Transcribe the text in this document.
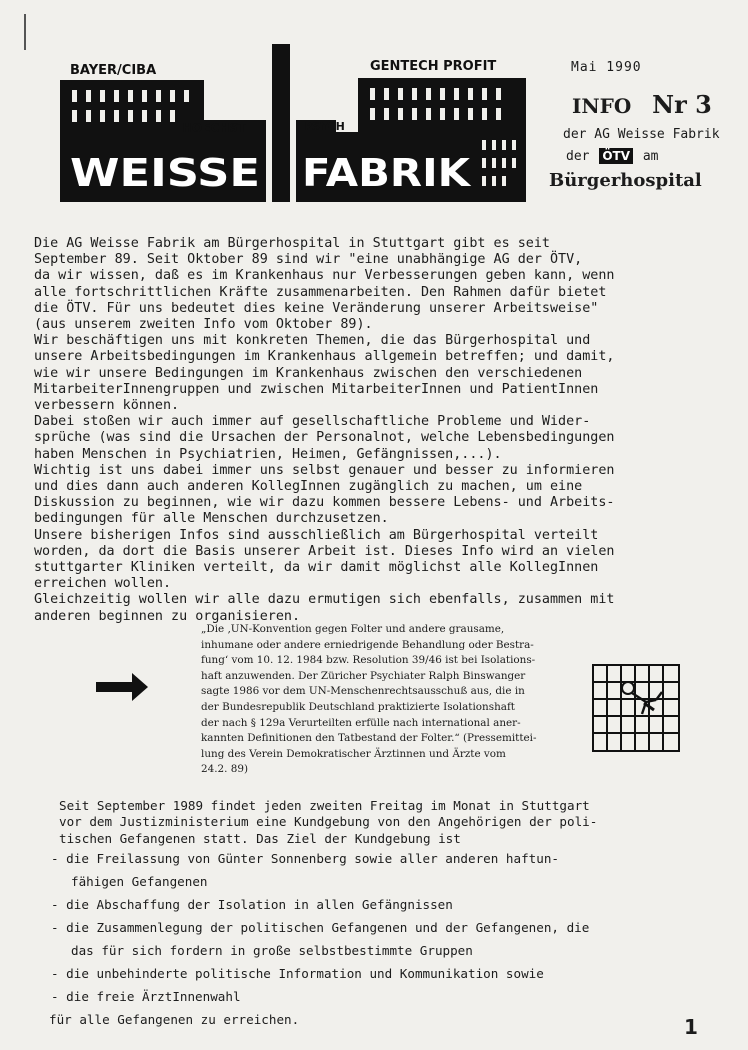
BAYER/CIBA
HOECHST	PSYCH
GENTECH PROFIT
WEISSE FABRIK
Mai 1990
INFO Nr 3
der AG Weisse Fabrik
der ÖTV am
Bürgerhospital
Die AG Weisse Fabrik am Bürgerhospital in Stuttgart gibt es seit
September 89. Seit Oktober 89 sind wir "eine unabhängige AG der ÖTV,
da wir wissen, daß es im Krankenhaus nur Verbesserungen geben kann, wenn
alle fortschrittlichen Kräfte zusammenarbeiten. Den Rahmen dafür bietet
die ÖTV. Für uns bedeutet dies keine Veränderung unserer Arbeitsweise"
(aus unserem zweiten Info vom Oktober 89).
Wir beschäftigen uns mit konkreten Themen, die das Bürgerhospital und
unsere Arbeitsbedingungen im Krankenhaus allgemein betreffen; und damit,
wie wir unsere Bedingungen im Krankenhaus zwischen den verschiedenen
MitarbeiterInnengruppen und zwischen MitarbeiterInnen und PatientInnen
verbessern können.
Dabei stoßen wir auch immer auf gesellschaftliche Probleme und Wider-
sprüche (was sind die Ursachen der Personalnot, welche Lebensbedingungen
haben Menschen in Psychiatrien, Heimen, Gefängnissen,...).
Wichtig ist uns dabei immer uns selbst genauer und besser zu informieren
und dies dann auch anderen KollegInnen zugänglich zu machen, um eine
Diskussion zu beginnen, wie wir dazu kommen bessere Lebens- und Arbeits-
bedingungen für alle Menschen durchzusetzen.
Unsere bisherigen Infos sind ausschließlich am Bürgerhospital verteilt
worden, da dort die Basis unserer Arbeit ist. Dieses Info wird an vielen
stuttgarter Kliniken verteilt, da wir damit möglichst alle KollegInnen
erreichen wollen.
Gleichzeitig wollen wir alle dazu ermutigen sich ebenfalls, zusammen mit
anderen beginnen zu organisieren.
„Die ‚UN-Konvention gegen Folter und andere grausame,
inhumane oder andere erniedrigende Behandlung oder Bestra-
fung‘ vom 10. 12. 1984 bzw. Resolution 39/46 ist bei Isolations-
haft anzuwenden. Der Züricher Psychiater Ralph Binswanger
sagte 1986 vor dem UN-Menschenrechtsausschuß aus, die in
der Bundesrepublik Deutschland praktizierte Isolationshaft
der nach § 129a Verurteilten erfülle nach international aner-
kannten Definitionen den Tatbestand der Folter.“ (Pressemittei-
lung des Verein Demokratischer Ärztinnen und Ärzte vom
24.2. 89)
Seit September 1989 findet jeden zweiten Freitag im Monat in Stuttgart
vor dem Justizministerium eine Kundgebung von den Angehörigen der poli-
tischen Gefangenen statt. Das Ziel der Kundgebung ist
- die Freilassung von Günter Sonnenberg sowie aller anderen haftun-
fähigen Gefangenen
- die Abschaffung der Isolation in allen Gefängnissen
- die Zusammenlegung der politischen Gefangenen und der Gefangenen, die
das für sich fordern in große selbstbestimmte Gruppen
- die unbehinderte politische Information und Kommunikation sowie
- die freie ÄrztInnenwahl
für alle Gefangenen zu erreichen.	1
